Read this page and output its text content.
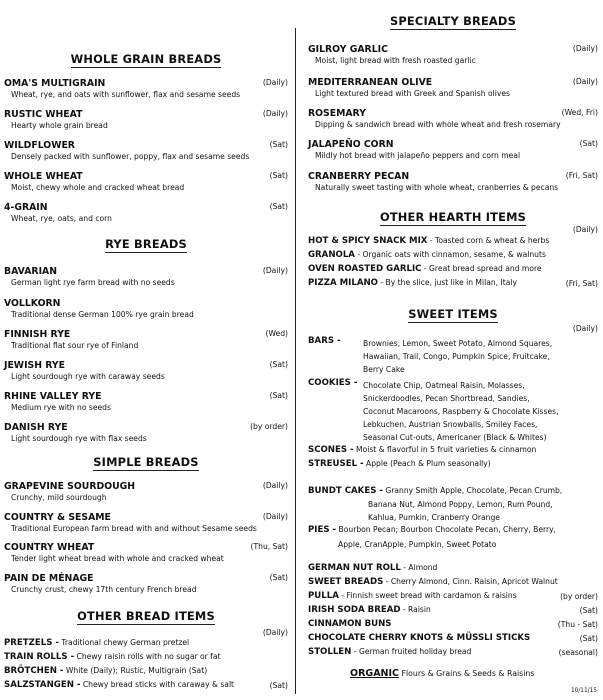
WHOLE GRAIN BREADS
OMA'S MULTIGRAIN	(Daily)
Wheat, rye, and oats with sunflower, flax and sesame seeds
RUSTIC WHEAT	(Daily)
Hearty whole grain bread
WILDFLOWER	(Sat)
Densely packed with sunflower, poppy, flax and sesame seeds
WHOLE WHEAT	(Sat)
Moist, chewy whole and cracked wheat bread
4-GRAIN	(Sat)
Wheat, rye, oats, and corn
RYE BREADS
BAVARIAN	(Daily)
German light rye farm bread with no seeds
VOLLKORN
Traditional dense German 100% rye grain bread
FINNISH RYE	(Wed)
Traditional flat sour rye of Finland
JEWISH RYE	(Sat)
Light sourdough rye with caraway seeds
RHINE VALLEY RYE	(Sat)
Medium rye with no seeds
DANISH RYE	(by order)
Light sourdough rye with flax seeds
SIMPLE BREADS
GRAPEVINE SOURDOUGH	(Daily)
Crunchy, mild sourdough
COUNTRY & SESAME	(Daily)
Traditional European farm bread with and without Sesame seeds
COUNTRY WHEAT	(Thu, Sat)
Tender light wheat bread with whole and cracked wheat
PAIN DE MÉNAGE	(Sat)
Crunchy crust, chewy 17th century French bread
OTHER BREAD ITEMS
(Daily)
PRETZELS - Traditional chewy German pretzel
TRAIN ROLLS - Chewy raisin rolls with no sugar or fat
BRÖTCHEN - White (Daily); Rustic, Multigrain (Sat)
SALZSTANGEN - Chewy bread sticks with caraway & salt	(Sat)
SPECIALTY BREADS
GILROY GARLIC	(Daily)
Moist, light bread with fresh roasted garlic
MEDITERRANEAN OLIVE	(Daily)
Light textured bread with Greek and Spanish olives
ROSEMARY	(Wed, Fri)
Dipping & sandwich bread with whole wheat and fresh rosemary
JALAPEÑO CORN	(Sat)
Mildly hot bread with jalapeño peppers and corn meal
CRANBERRY PECAN	(Fri, Sat)
Naturally sweet tasting with whole wheat, cranberries & pecans
OTHER HEARTH ITEMS
(Daily)
HOT & SPICY SNACK MIX - Toasted corn & wheat & herbs
GRANOLA - Organic oats with cinnamon, sesame, & walnuts
OVEN ROASTED GARLIC - Great bread spread and more
PIZZA MILANO - By the slice, just like in Milan, Italy	(Fri, Sat)
SWEET ITEMS
(Daily)
BARS -	Brownies, Lemon, Sweet Potato, Almond Squares,
Hawaiian, Trail, Congo, Pumpkin Spice, Fruitcake,
Berry Cake
COOKIES - Chocolate Chip, Oatmeal Raisin, Molasses,
Snickerdoodles, Pecan Shortbread, Sandies,
Coconut Macaroons, Raspberry & Chocolate Kisses,
Lebkuchen, Austrian Snowballs, Smiley Faces,
Seasonal Cut-outs, Americaner (Black & Whites)
SCONES - Moist & flavorful in 5 fruit varieties & cinnamon
STREUSEL - Apple (Peach & Plum seasonally)
BUNDT CAKES - Granny Smith Apple, Chocolate, Pecan Crumb,
Banana Nut, Almond Poppy, Lemon, Rum Pound,
Kahlua, Pumkin, Cranberry Orange
PIES - Bourbon Pecan; Bourbon Chocolate Pecan, Cherry, Berry,
Apple, CranApple, Pumpkin, Sweet Potato
GERMAN NUT ROLL - Almond
SWEET BREADS - Cherry Almond, Cinn. Raisin, Apricot Walnut
PULLA - Finnish sweet bread with cardamon & raisins	(by order)
IRISH SODA BREAD - Raisin	(Sat)
CINNAMON BUNS	(Thu - Sat)
CHOCOLATE CHERRY KNOTS & MÜSSLI STICKS	(Sat)
STOLLEN - German fruited holiday bread	(seasonal)
ORGANIC Flours & Grains & Seeds & Raisins
10/11/15
